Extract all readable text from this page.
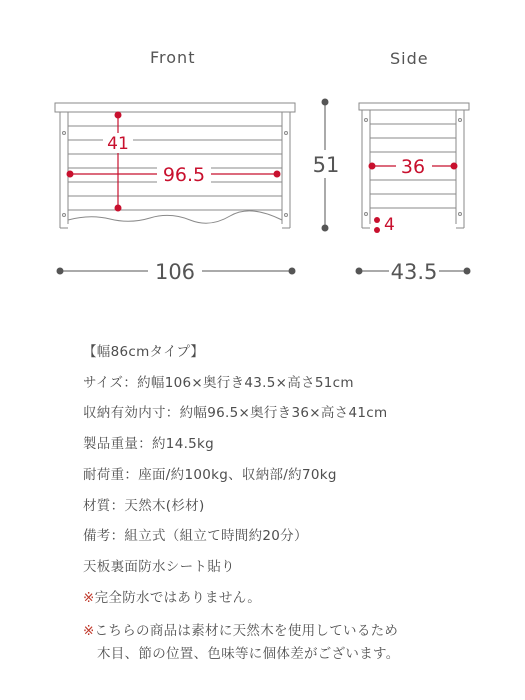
Front	Side
41
96.5	51
106
36
4
43.5
【幅86cmタイプ】
サイズ：約幅106×奥行き43.5×高さ51cm
収納有効内寸：約幅96.5×奥行き36×高さ41cm
製品重量：約14.5kg
耐荷重：座面/約100kg、収納部/約70kg
材質：天然木(杉材)
備考：組立式（組立て時間約20分）
天板裏面防水シート貼り
※完全防水ではありません。
※こちらの商品は素材に天然木を使用しているため
木目、節の位置、色味等に個体差がございます。
